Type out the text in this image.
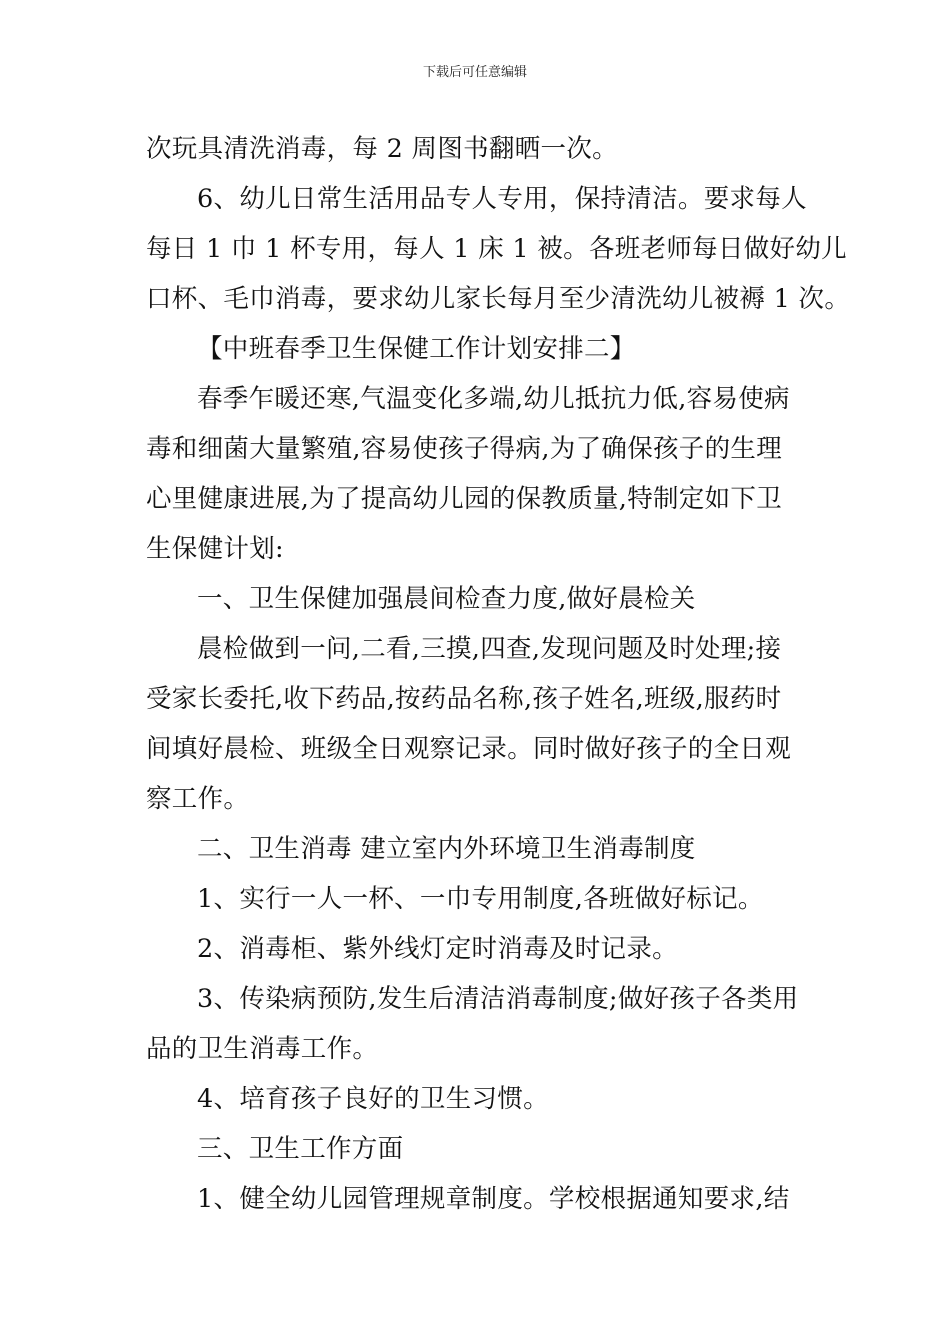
下载后可任意编辑
次玩具清洗消毒，每 2 周图书翻晒一次。
6、幼儿日常生活用品专人专用，保持清洁。要求每人
每日 1 巾 1 杯专用，每人 1 床 1 被。各班老师每日做好幼儿
口杯、毛巾消毒，要求幼儿家长每月至少清洗幼儿被褥 1 次。
【中班春季卫生保健工作计划安排二】
春季乍暖还寒,气温变化多端,幼儿抵抗力低,容易使病
毒和细菌大量繁殖,容易使孩子得病,为了确保孩子的生理
心里健康进展,为了提高幼儿园的保教质量,特制定如下卫
生保健计划:
一、卫生保健加强晨间检查力度,做好晨检关
晨检做到一问,二看,三摸,四查,发现问题及时处理;接
受家长委托,收下药品,按药品名称,孩子姓名,班级,服药时
间填好晨检、班级全日观察记录。同时做好孩子的全日观
察工作。
二、卫生消毒 建立室内外环境卫生消毒制度
1、实行一人一杯、一巾专用制度,各班做好标记。
2、消毒柜、紫外线灯定时消毒及时记录。
3、传染病预防,发生后清洁消毒制度;做好孩子各类用
品的卫生消毒工作。
4、培育孩子良好的卫生习惯。
三、卫生工作方面
1、健全幼儿园管理规章制度。学校根据通知要求,结
